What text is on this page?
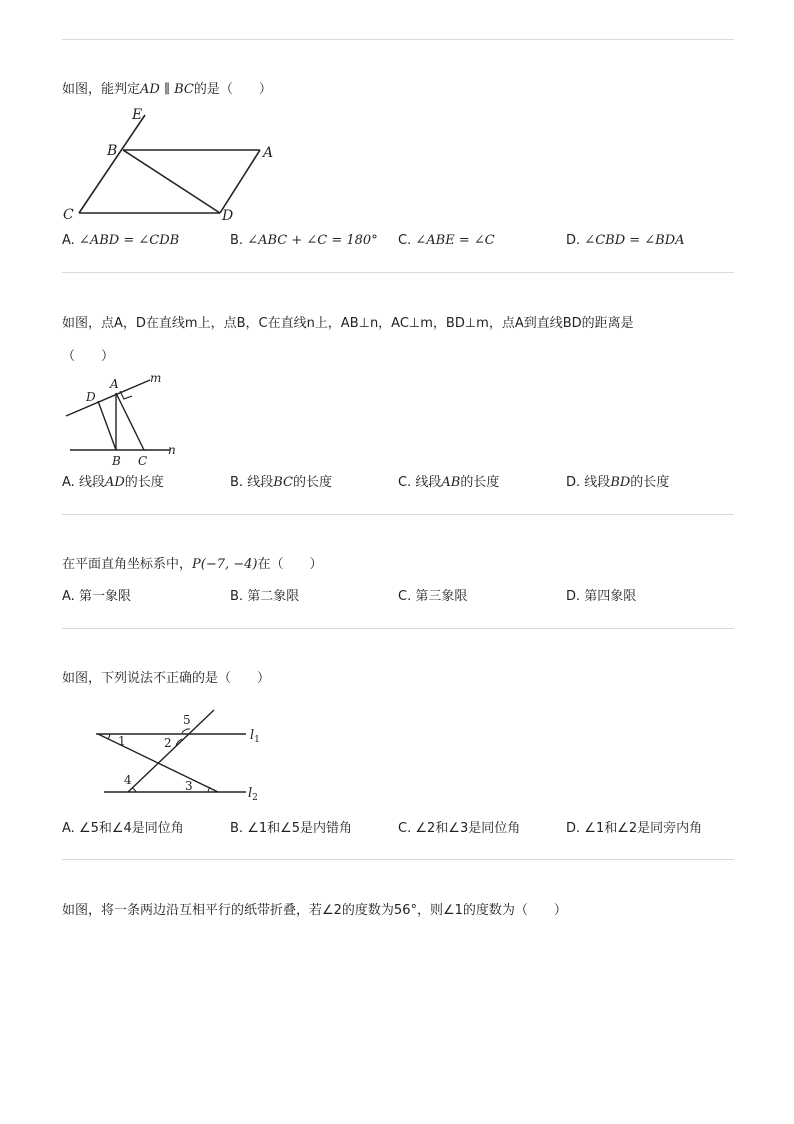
如图，能判定AD ∥ BC的是（　　）
E
B	A
C	D
A. ∠ABD = ∠CDB	B. ∠ABC + ∠C = 180° C. ∠ABE = ∠C	D. ∠CBD = ∠BDA
如图，点A，D在直线m上，点B，C在直线n上，AB⊥n，AC⊥m，BD⊥m，点A到直线BD的距离是
（　　）
A
D
m
B C
n
A. 线段AD的长度	B. 线段BC的长度	C. 线段AB的长度	D. 线段BD的长度
在平面直角坐标系中，P(−7, −4)在（　　）
A. 第一象限	B. 第二象限	C. 第三象限	D. 第四象限
如图，下列说法不正确的是（　　）
1	2
5
4	3
$l_1$
$l_2$
A. ∠5和∠4是同位角	B. ∠1和∠5是内错角	C. ∠2和∠3是同位角	D. ∠1和∠2是同旁内角
如图，将一条两边沿互相平行的纸带折叠，若∠2的度数为56°，则∠1的度数为（　　）
